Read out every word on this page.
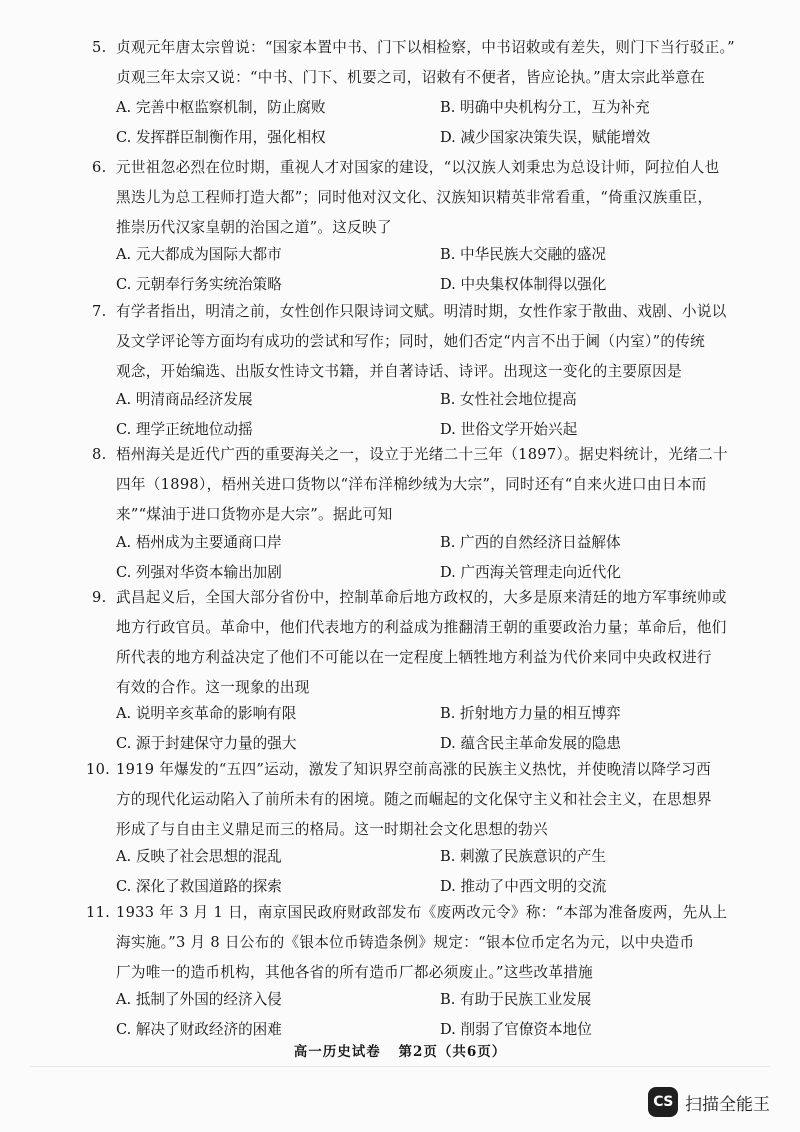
5. 贞观元年唐太宗曾说：“国家本置中书、门下以相检察，中书诏敕或有差失，则门下当行驳正。”
贞观三年太宗又说：“中书、门下、机要之司，诏敕有不便者，皆应论执。”唐太宗此举意在
A. 完善中枢监察机制，防止腐败	B. 明确中央机构分工，互为补充
C. 发挥群臣制衡作用，强化相权	D. 减少国家决策失误，赋能增效
6. 元世祖忽必烈在位时期，重视人才对国家的建设，“以汉族人刘秉忠为总设计师，阿拉伯人也
黑迭儿为总工程师打造大都”；同时他对汉文化、汉族知识精英非常看重，“倚重汉族重臣，
推崇历代汉家皇朝的治国之道”。这反映了
A. 元大都成为国际大都市	B. 中华民族大交融的盛况
C. 元朝奉行务实统治策略	D. 中央集权体制得以强化
7. 有学者指出，明清之前，女性创作只限诗词文赋。明清时期，女性作家于散曲、戏剧、小说以
及文学评论等方面均有成功的尝试和写作；同时，她们否定“内言不出于阃（内室）”的传统
观念，开始编选、出版女性诗文书籍，并自著诗话、诗评。出现这一变化的主要原因是
A. 明清商品经济发展	B. 女性社会地位提高
C. 理学正统地位动摇	D. 世俗文学开始兴起
8. 梧州海关是近代广西的重要海关之一，设立于光绪二十三年（1897）。据史料统计，光绪二十
四年（1898），梧州关进口货物以“洋布洋棉纱绒为大宗”，同时还有“自来火进口由日本而
来”“煤油于进口货物亦是大宗”。据此可知
A. 梧州成为主要通商口岸	B. 广西的自然经济日益解体
C. 列强对华资本输出加剧	D. 广西海关管理走向近代化
9. 武昌起义后，全国大部分省份中，控制革命后地方政权的，大多是原来清廷的地方军事统帅或
地方行政官员。革命中，他们代表地方的利益成为推翻清王朝的重要政治力量；革命后，他们
所代表的地方利益决定了他们不可能以在一定程度上牺牲地方利益为代价来同中央政权进行
有效的合作。这一现象的出现
A. 说明辛亥革命的影响有限	B. 折射地方力量的相互博弈
C. 源于封建保守力量的强大	D. 蕴含民主革命发展的隐患
10. 1919 年爆发的“五四”运动，激发了知识界空前高涨的民族主义热忱，并使晚清以降学习西
方的现代化运动陷入了前所未有的困境。随之而崛起的文化保守主义和社会主义，在思想界
形成了与自由主义鼎足而三的格局。这一时期社会文化思想的勃兴
A. 反映了社会思想的混乱	B. 刺激了民族意识的产生
C. 深化了救国道路的探索	D. 推动了中西文明的交流
11. 1933 年 3 月 1 日，南京国民政府财政部发布《废两改元令》称：“本部为准备废两，先从上
海实施。”3 月 8 日公布的《银本位币铸造条例》规定：“银本位币定名为元，以中央造币
厂为唯一的造币机构，其他各省的所有造币厂都必须废止。”这些改革措施
A. 抵制了外国的经济入侵	B. 有助于民族工业发展
C. 解决了财政经济的困难	D. 削弱了官僚资本地位
高一历史试卷 第2页（共6页）
CS 扫描全能王
